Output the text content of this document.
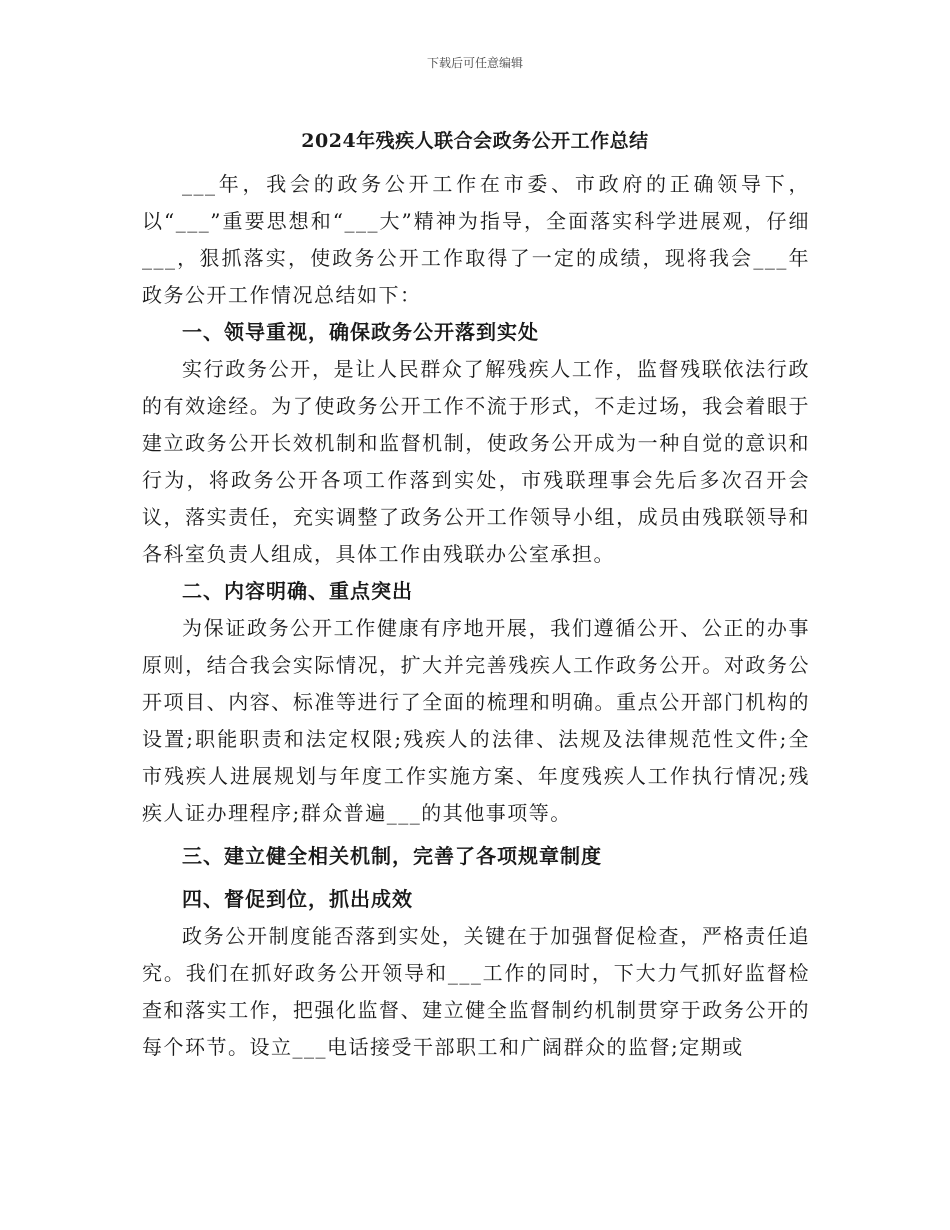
下载后可任意编辑
2024年残疾人联合会政务公开工作总结

___年，我会的政务公开工作在市委、市政府的正确领导下，以“___”重要思想和“___大”精神为指导，全面落实科学进展观，仔细___，狠抓落实，使政务公开工作取得了一定的成绩，现将我会___年政务公开工作情况总结如下：

一、领导重视，确保政务公开落到实处

实行政务公开，是让人民群众了解残疾人工作，监督残联依法行政的有效途经。为了使政务公开工作不流于形式，不走过场，我会着眼于建立政务公开长效机制和监督机制，使政务公开成为一种自觉的意识和行为，将政务公开各项工作落到实处，市残联理事会先后多次召开会议，落实责任，充实调整了政务公开工作领导小组，成员由残联领导和各科室负责人组成，具体工作由残联办公室承担。

二、内容明确、重点突出

为保证政务公开工作健康有序地开展，我们遵循公开、公正的办事原则，结合我会实际情况，扩大并完善残疾人工作政务公开。对政务公开项目、内容、标准等进行了全面的梳理和明确。重点公开部门机构的设置;职能职责和法定权限;残疾人的法律、法规及法律规范性文件;全市残疾人进展规划与年度工作实施方案、年度残疾人工作执行情况;残疾人证办理程序;群众普遍___的其他事项等。

三、建立健全相关机制，完善了各项规章制度

四、督促到位，抓出成效

政务公开制度能否落到实处，关键在于加强督促检查，严格责任追究。我们在抓好政务公开领导和___工作的同时，下大力气抓好监督检查和落实工作，把强化监督、建立健全监督制约机制贯穿于政务公开的每个环节。设立___电话接受干部职工和广阔群众的监督;定期或
